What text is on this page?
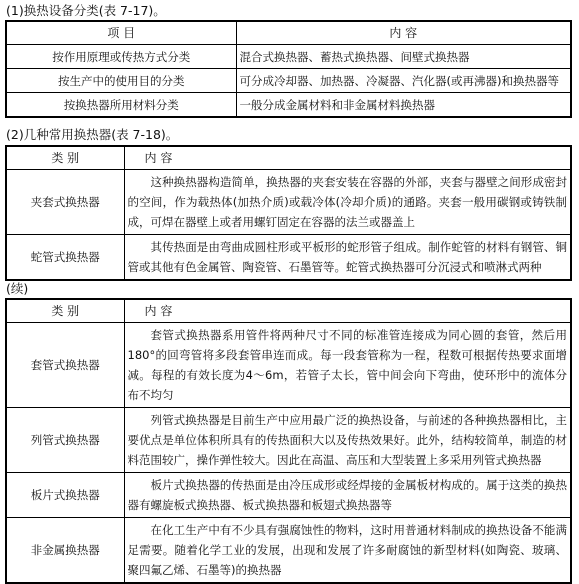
(1)换热设备分类(表 7-17)。
项 目	内 容
按作用原理或传热方式分类	混合式换热器、蓄热式换热器、间壁式换热器
按生产中的使用目的分类	可分成冷却器、加热器、冷凝器、汽化器(或再沸器)和换热器等
按换热器所用材料分类	一般分成金属材料和非金属材料换热器
(2)几种常用换热器(表 7-18)。
类 别	内 容
夹套式换热器	这种换热器构造简单，换热器的夹套安装在容器的外部，夹套与器壁之间形成密封的空间，作为载热体(加热介质)或载冷体(冷却介质)的通路。夹套一般用碳钢或铸铁制成，可焊在器壁上或者用螺钉固定在容器的法兰或器盖上
蛇管式换热器	其传热面是由弯曲成圆柱形或平板形的蛇形管子组成。制作蛇管的材料有钢管、铜管或其他有色金属管、陶瓷管、石墨管等。蛇管式换热器可分沉浸式和喷淋式两种
(续)
类 别	内 容
套管式换热器	套管式换热器系用管件将两种尺寸不同的标准管连接成为同心圆的套管，然后用180°的回弯管将多段套管串连而成。每一段套管称为一程，程数可根据传热要求面增减。每程的有效长度为4～6m，若管子太长，管中间会向下弯曲，使环形中的流体分布不均匀
列管式换热器	列管式换热器是目前生产中应用最广泛的换热设备，与前述的各种换热器相比，主要优点是单位体积所具有的传热面积大以及传热效果好。此外，结构较简单，制造的材料范围较广，操作弹性较大。因此在高温、高压和大型装置上多采用列管式换热器
板片式换热器	板片式换热器的传热面是由冷压成形或经焊接的金属板材构成的。属于这类的换热器有螺旋板式换热器、板式换热器和板翅式换热器等
非金属换热器	在化工生产中有不少具有强腐蚀性的物料，这时用普通材料制成的换热设备不能满足需要。随着化学工业的发展，出现和发展了许多耐腐蚀的新型材料(如陶瓷、玻璃、聚四氟乙烯、石墨等)的换热器
